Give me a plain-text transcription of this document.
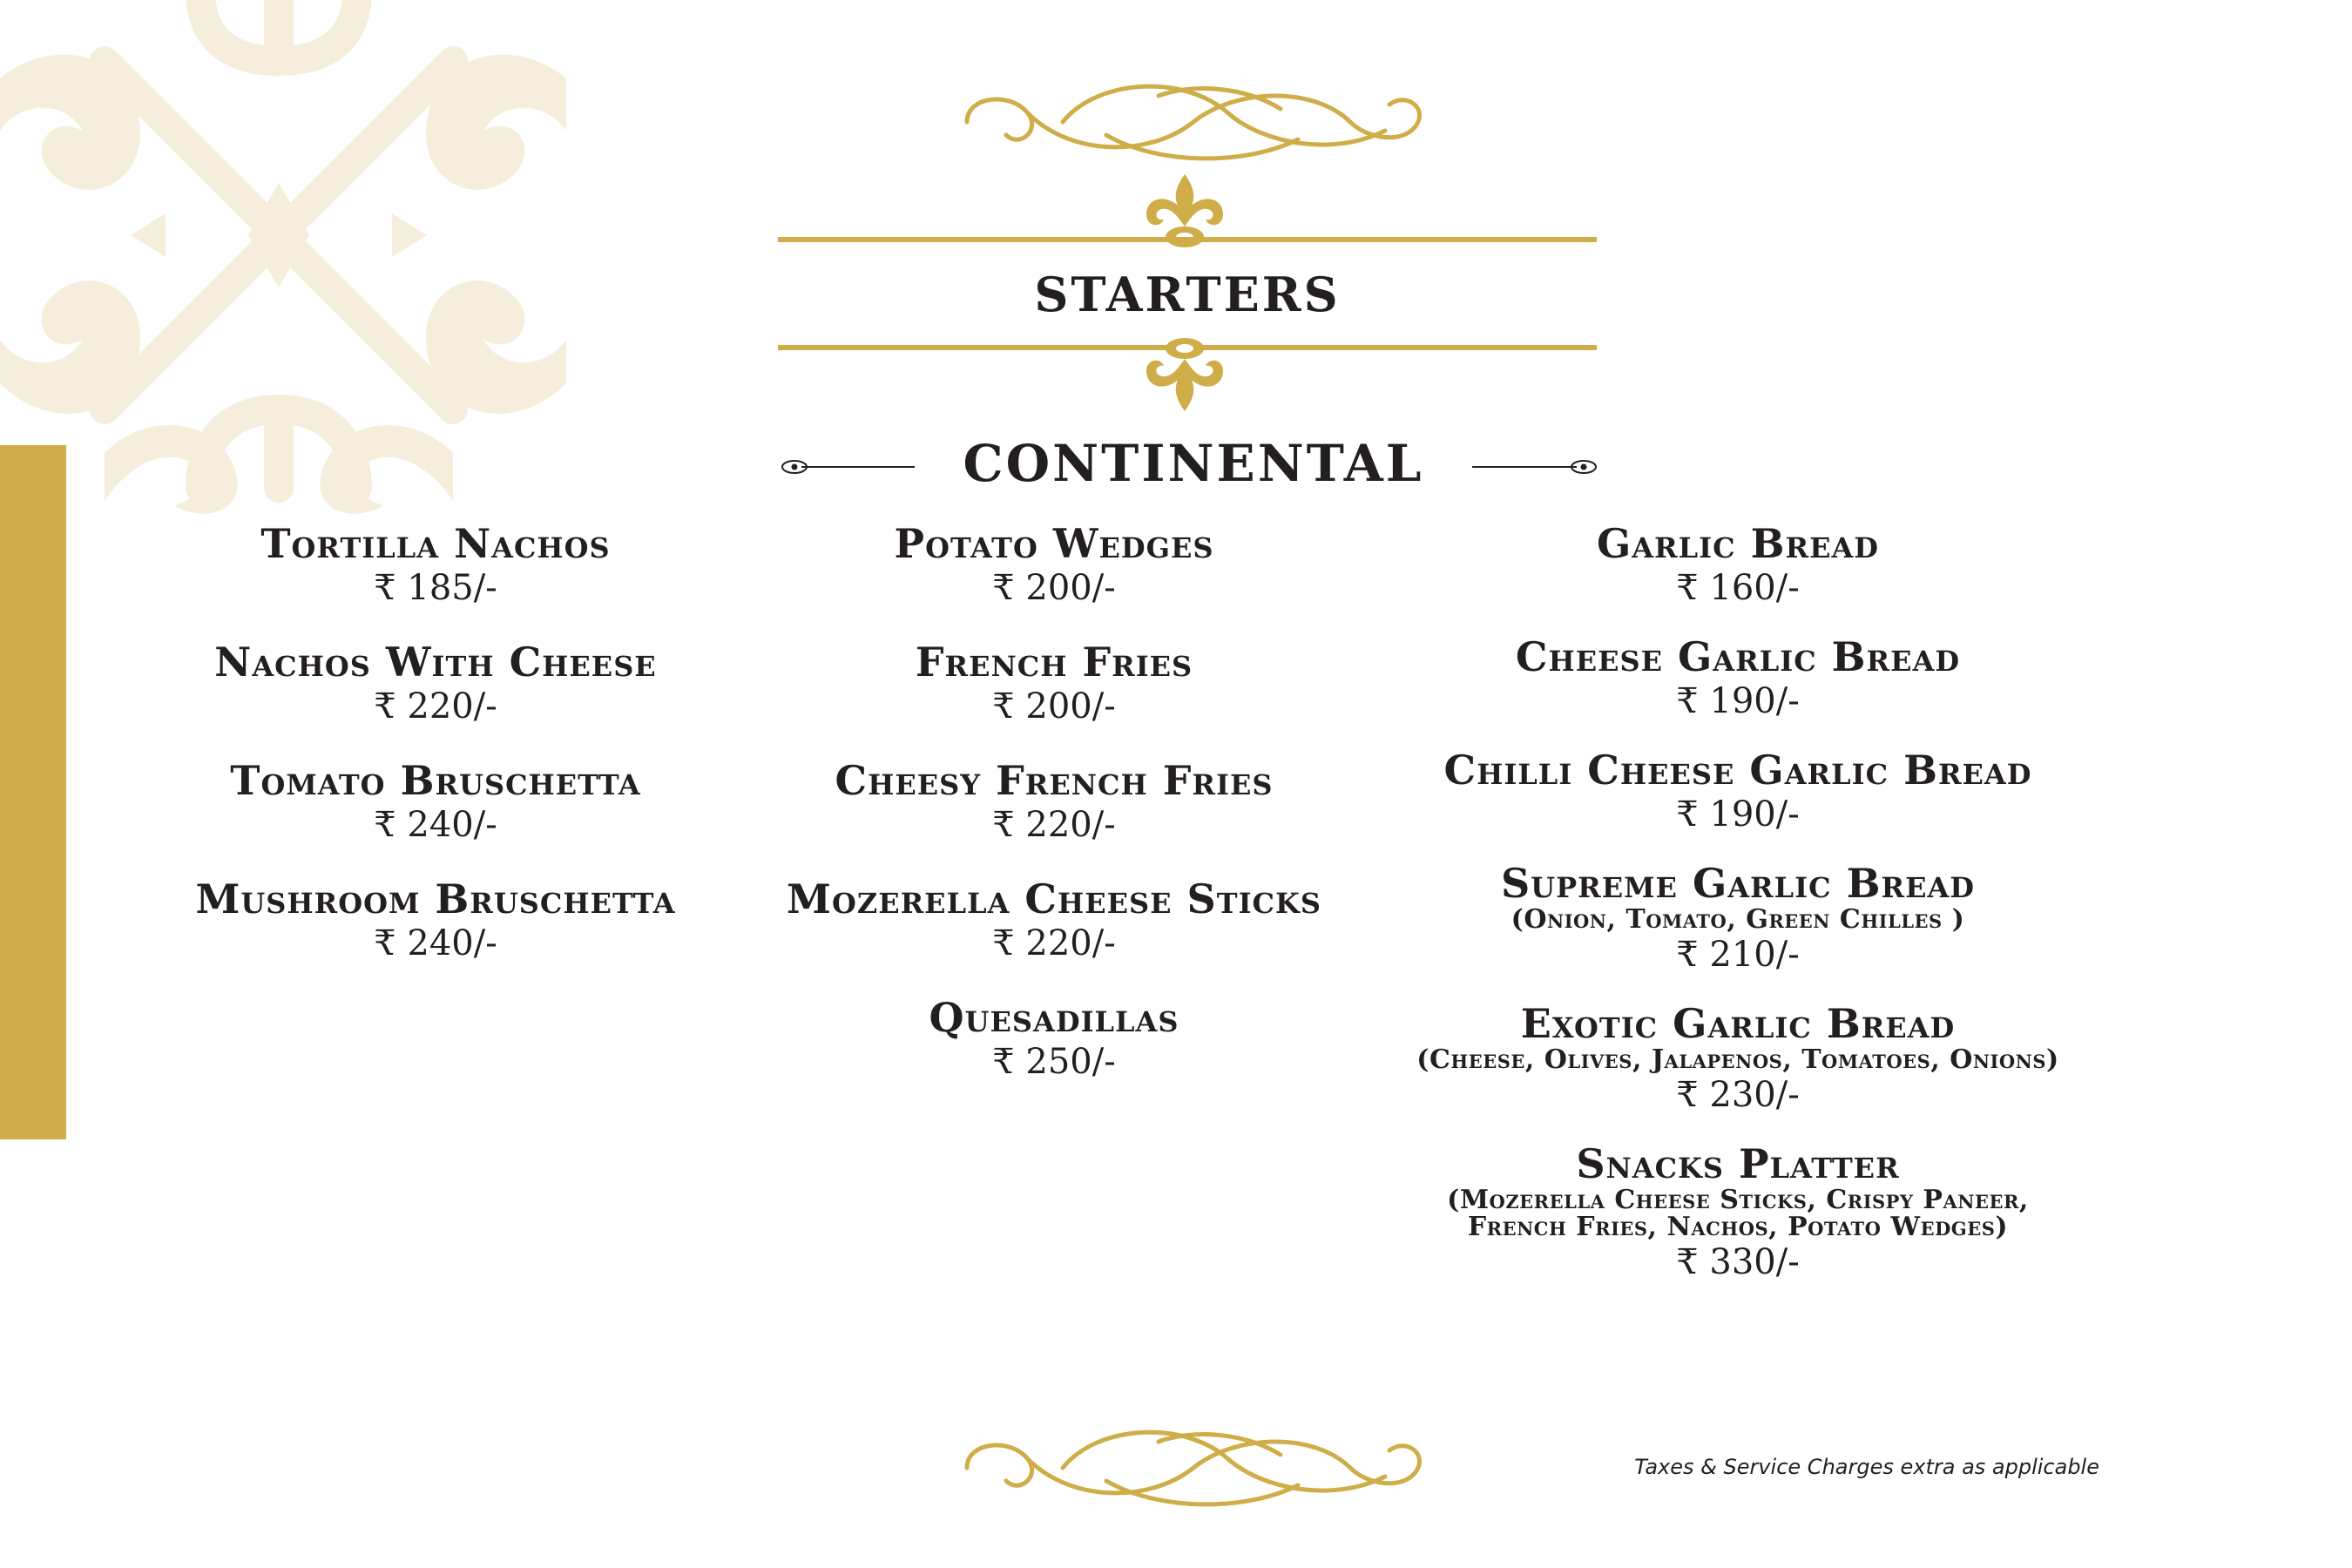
STARTERS
CONTINENTAL
Tortilla Nachos
₹ 185/-
Nachos With Cheese
₹ 220/-
Tomato Bruschetta
₹ 240/-
Mushroom Bruschetta
₹ 240/-
Potato Wedges
₹ 200/-
French Fries
₹ 200/-
Cheesy French Fries
₹ 220/-
Mozerella Cheese Sticks
₹ 220/-
Quesadillas
₹ 250/-
Garlic Bread
₹ 160/-
Cheese Garlic Bread
₹ 190/-
Chilli Cheese Garlic Bread
₹ 190/-
Supreme Garlic Bread
(Onion, Tomato, Green Chilles )
₹ 210/-
Exotic Garlic Bread
(Cheese, Olives, Jalapenos, Tomatoes, Onions)
₹ 230/-
Snacks Platter
(Mozerella Cheese Sticks, Crispy Paneer,
French Fries, Nachos, Potato Wedges)
₹ 330/-
Taxes & Service Charges extra as applicable
